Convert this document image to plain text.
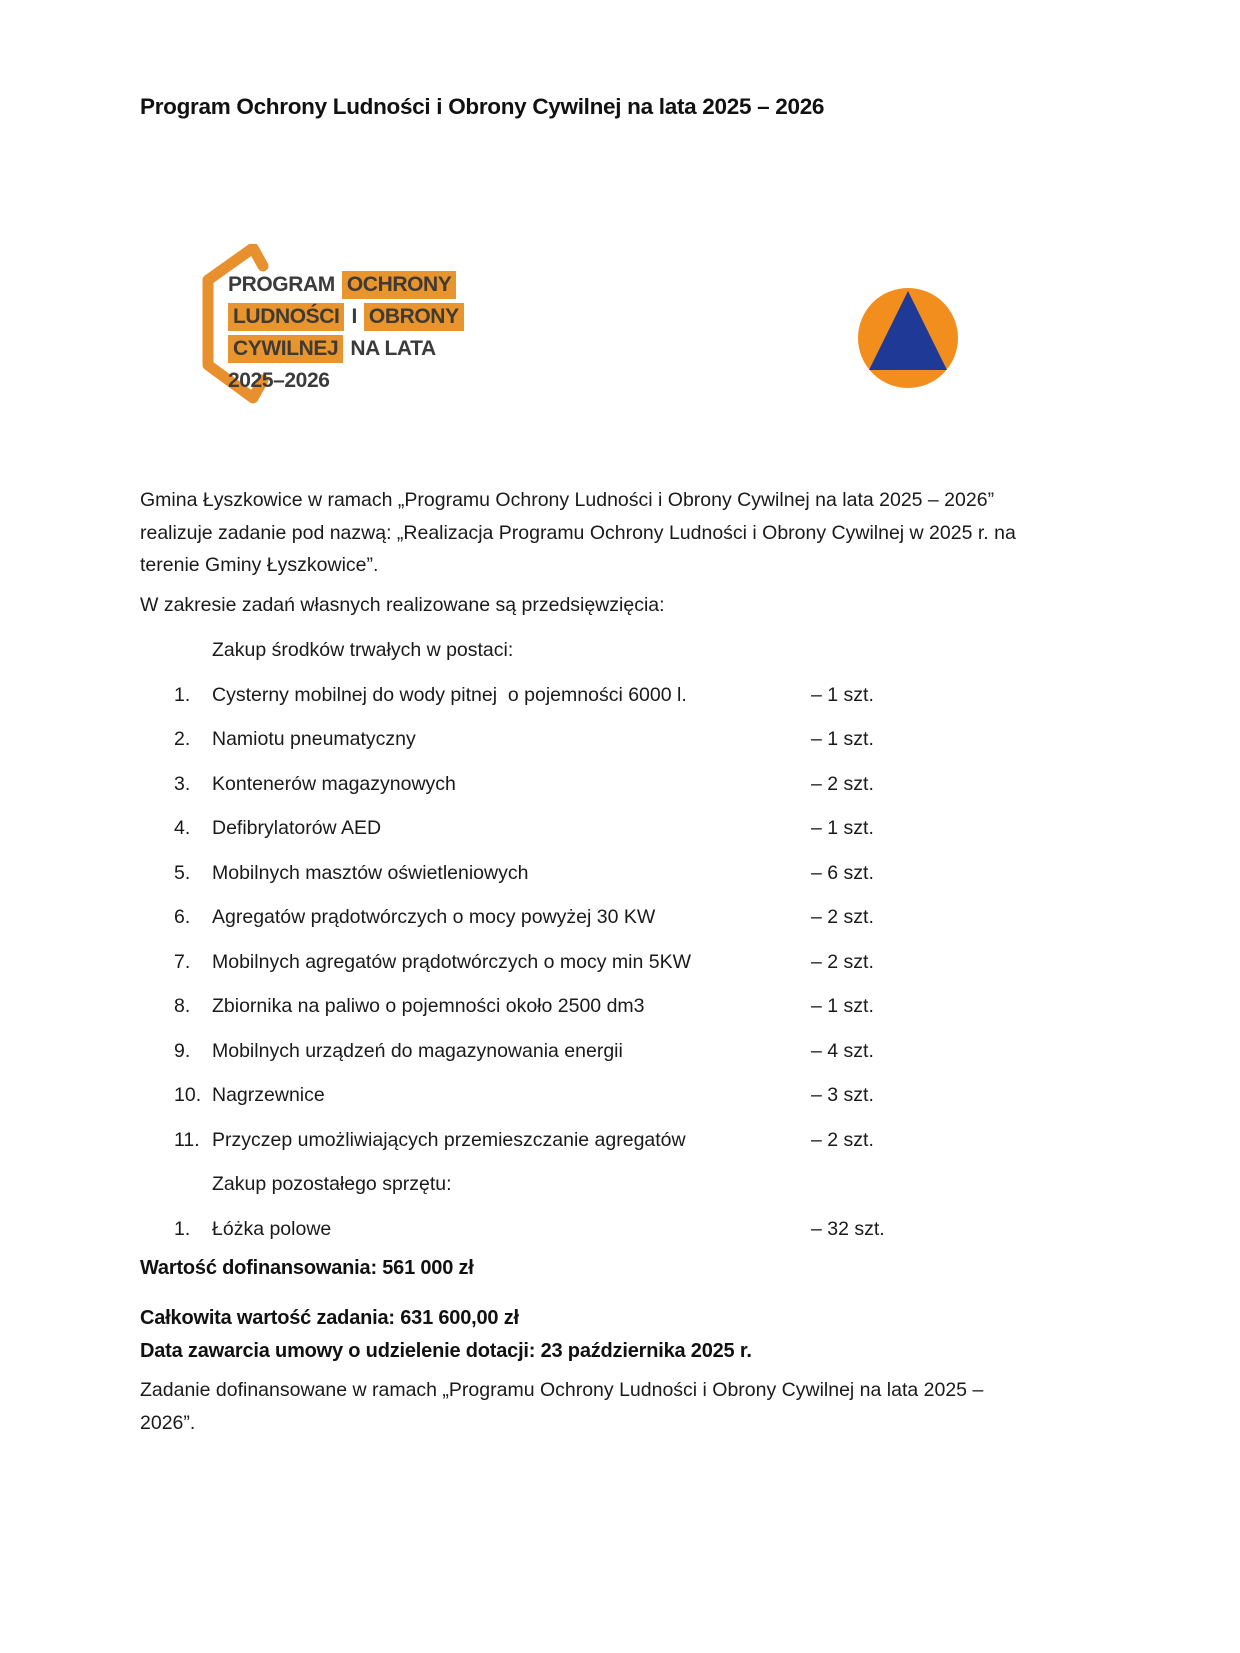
Program Ochrony Ludności i Obrony Cywilnej na lata 2025 – 2026
PROGRAM OCHRONY
LUDNOŚCI I OBRONY
CYWILNEJ NA LATA
2025–2026

Gmina Łyszkowice w ramach „Programu Ochrony Ludności i Obrony Cywilnej na lata 2025 – 2026” realizuje zadanie pod nazwą: „Realizacja Programu Ochrony Ludności i Obrony Cywilnej w 2025 r. na terenie Gminy Łyszkowice”.

W zakresie zadań własnych realizowane są przedsięwzięcia:

Zakup środków trwałych w postaci:
1.	Cysterny mobilnej do wody pitnej  o pojemności 6000 l.	– 1 szt.
2.	Namiotu pneumatyczny	– 1 szt.
3.	Kontenerów magazynowych	– 2 szt.
4.	Defibrylatorów AED	– 1 szt.
5.	Mobilnych masztów oświetleniowych	– 6 szt.
6.	Agregatów prądotwórczych o mocy powyżej 30 KW	– 2 szt.
7.	Mobilnych agregatów prądotwórczych o mocy min 5KW	– 2 szt.
8.	Zbiornika na paliwo o pojemności około 2500 dm3	– 1 szt.
9.	Mobilnych urządzeń do magazynowania energii	– 4 szt.
10. Nagrzewnice	– 3 szt.
11. Przyczep umożliwiających przemieszczanie agregatów	– 2 szt.
Zakup pozostałego sprzętu:
1.	Łóżka polowe	– 32 szt.

Wartość dofinansowania: 561 000 zł

Całkowita wartość zadania: 631 600,00 zł
Data zawarcia umowy o udzielenie dotacji: 23 października 2025 r.

Zadanie dofinansowane w ramach „Programu Ochrony Ludności i Obrony Cywilnej na lata 2025 – 2026”.
